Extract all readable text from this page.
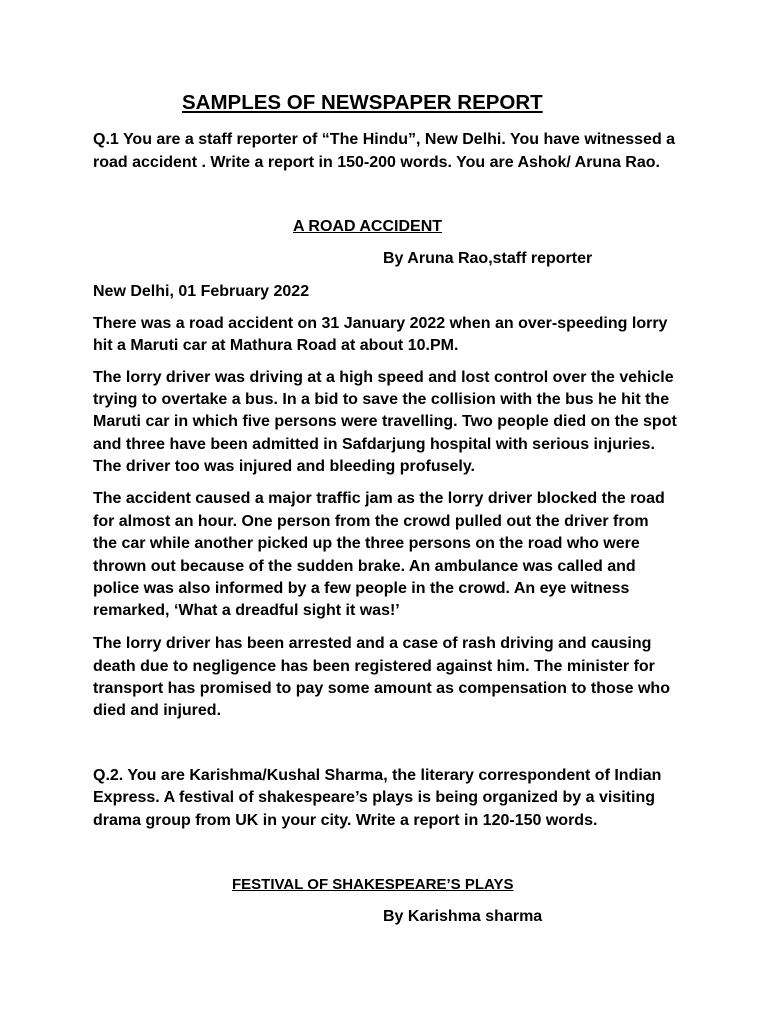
SAMPLES OF NEWSPAPER REPORT

Q.1 You are a staff reporter of “The Hindu”, New Delhi. You have witnessed a

road accident . Write a report in 150-200 words. You are Ashok/ Aruna Rao.

A ROAD ACCIDENT

By Aruna Rao,staff reporter

New Delhi, 01 February 2022

There was a road accident on 31 January 2022 when an over-speeding lorry

hit a Maruti car at Mathura Road at about 10.PM.

The lorry driver was driving at a high speed and lost control over the vehicle

trying to overtake a bus. In a bid to save the collision with the bus he hit the

Maruti car in which five persons were travelling. Two people died on the spot

and three have been admitted in Safdarjung hospital with serious injuries.

The driver too was injured and bleeding profusely.

The accident caused a major traffic jam as the lorry driver blocked the road

for almost an hour. One person from the crowd pulled out the driver from

the car while another picked up the three persons on the road who were

thrown out because of the sudden brake. An ambulance was called and

police was also informed by a few people in the crowd. An eye witness

remarked, ‘What a dreadful sight it was!’

The lorry driver has been arrested and a case of rash driving and causing

death due to negligence has been registered against him. The minister for

transport has promised to pay some amount as compensation to those who

died and injured.

Q.2. You are Karishma/Kushal Sharma, the literary correspondent of Indian

Express. A festival of shakespeare’s plays is being organized by a visiting

drama group from UK in your city. Write a report in 120-150 words.

FESTIVAL OF SHAKESPEARE’S PLAYS

By Karishma sharma
